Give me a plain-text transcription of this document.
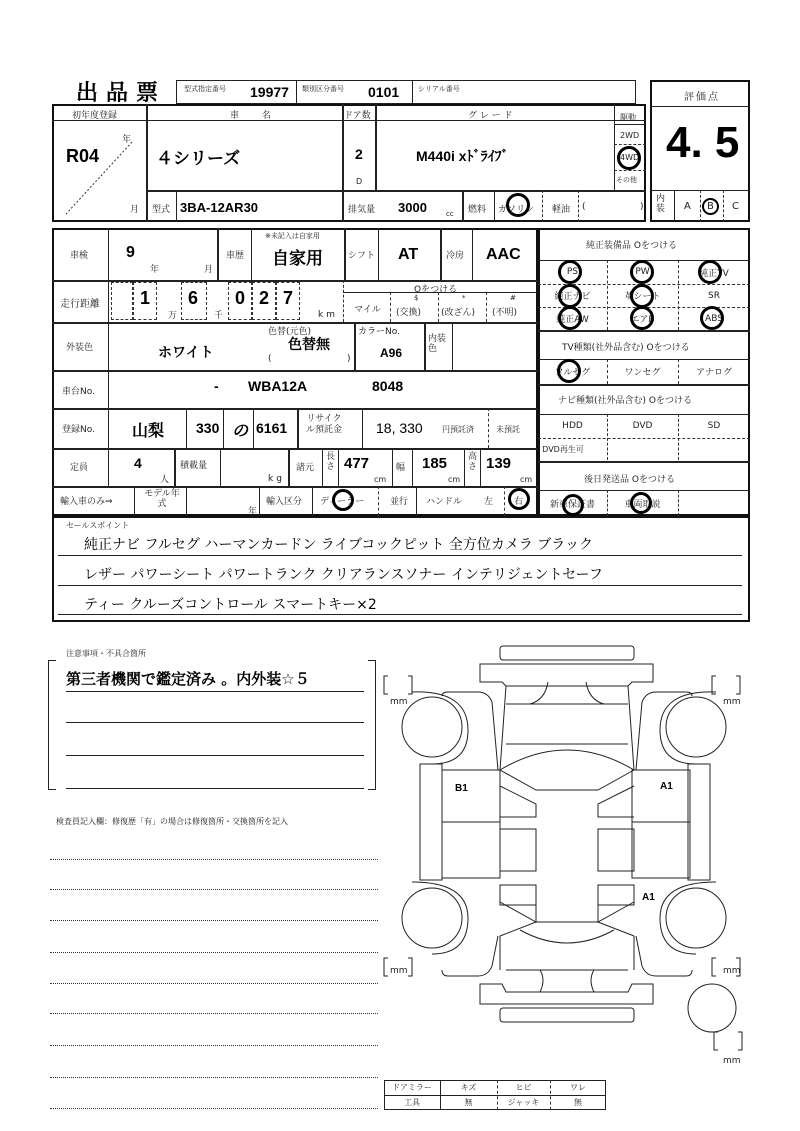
出品票	型式指定番号 19977 類別区分番号 0101	シリアル番号
評価点
4. 5
内装 A B C
初年度登録
R04
年
月
車 名
４シリーズ
ドア数
2
D
グ レ ー ド
M440i xﾄﾞﾗｲﾌﾞ
駆動
2WD
4WD
その他
型式 3BA-12AR30	排気量 3000	cc 燃料 ガソリン 軽油 (	)
車検 9
年	月
車歴
※未記入は自家用
自家用	シフト AT	冷房 AAC
走行距離 1
万
6
千
0 2 7
km
Oをつける
マイル
$
(交換)
*
(改ざん)
#
(不明)
外装色	ホワイト
色替(元色)
色替無
(	)
カラーNo.
A96
内装色
車台No.	- WBA12A	8048
登録No. 山梨 330 の 6161
リサイクル預託金 18, 330 円預託済	未預託
定員	4
人
積載量
kg
諸元
長さ 477
cm
幅 185
cm
高さ 139
cm
輸入車のみ⇒
モデル年式
年
輸入区分 ディーラー	並行 ハンドル 左 右
純正装備品 Oをつける
PS	PW	純正TV
純正ナビ	革シート	SR
純正AW	エアB	ABS
TV種類(社外品含む) Oをつける
フルセグ	ワンセグ	アナログ
ナビ種類(社外品含む) Oをつける
HDD	DVD	SD
DVD再生可
後日発送品 Oをつける
新車保証書	車両取説
セールスポイント
純正ナビ フルセグ ハーマンカードン ライブコックピット 全方位カメラ ブラック
レザー パワーシート パワートランク クリアランスソナー インテリジェントセーフ
ティー クルーズコントロール スマートキー×2
注意事項・不具合箇所
第三者機関で鑑定済み 。内外装☆５
検査員記入欄：修復歴「有」の場合は修復箇所・交換箇所を記入
B1	A1
A1
mm	mm
mm	mm
mm
ドアミラー	キズ	ヒビ	ワレ
工具	無	ジャッキ	無
